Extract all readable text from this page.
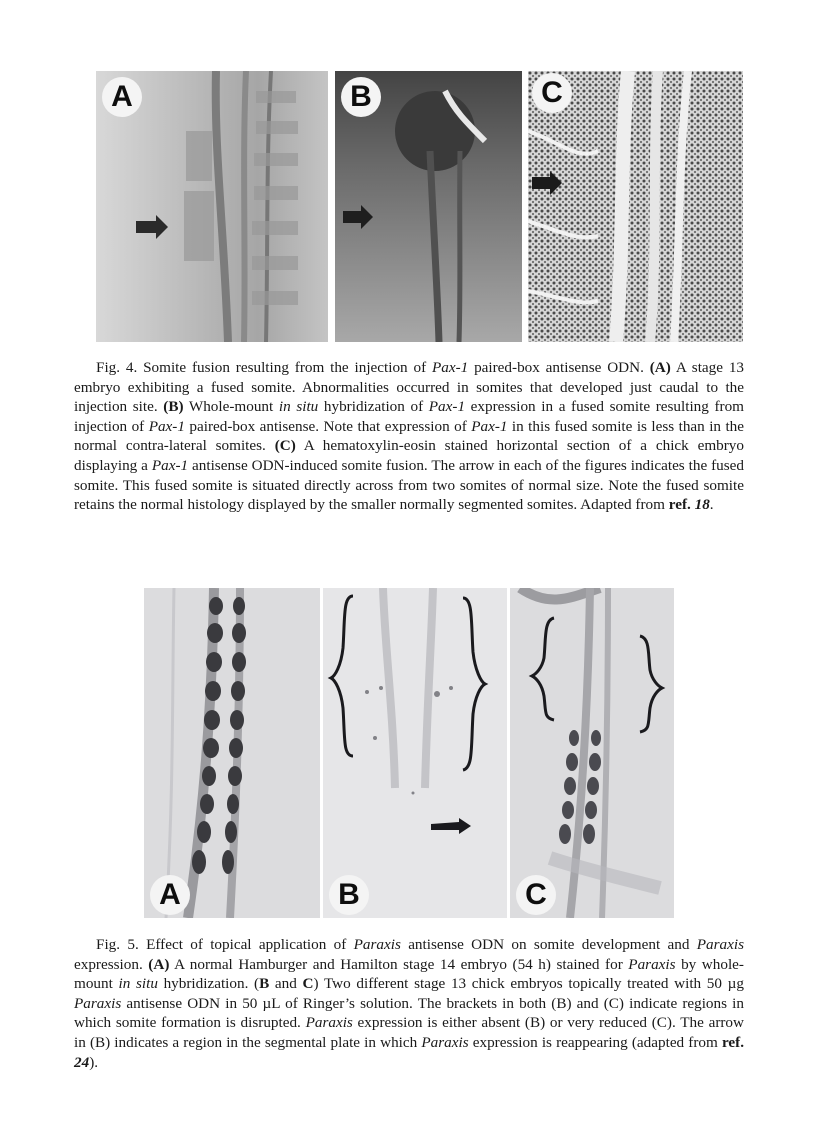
A	B	C

Fig. 4. Somite fusion resulting from the injection of Pax-1 paired-box antisense ODN. (A) A stage 13 embryo exhibiting a fused somite. Abnormalities occurred in somites that developed just caudal to the injection site. (B) Whole-mount in situ hybridization of Pax-1 expression in a fused somite resulting from injection of Pax-1 paired-box antisense. Note that expression of Pax-1 in this fused somite is less than in the normal contra-lateral somites. (C) A hematoxylin-eosin stained horizontal section of a chick embryo displaying a Pax-1 antisense ODN-induced somite fusion. The arrow in each of the figures indicates the fused somite. This fused somite is situated directly across from two somites of normal size. Note the fused somite retains the normal histology displayed by the smaller normally segmented somites. Adapted from ref. 18.

A	B	C

Fig. 5. Effect of topical application of Paraxis antisense ODN on somite development and Paraxis expression. (A) A normal Hamburger and Hamilton stage 14 embryo (54 h) stained for Paraxis by whole-mount in situ hybridization. (B and C) Two different stage 13 chick embryos topically treated with 50 µg Paraxis antisense ODN in 50 µL of Ringer’s solution. The brackets in both (B) and (C) indicate regions in which somite formation is disrupted. Paraxis expression is either absent (B) or very reduced (C). The arrow in (B) indicates a region in the segmental plate in which Paraxis expression is reappearing (adapted from ref. 24).
